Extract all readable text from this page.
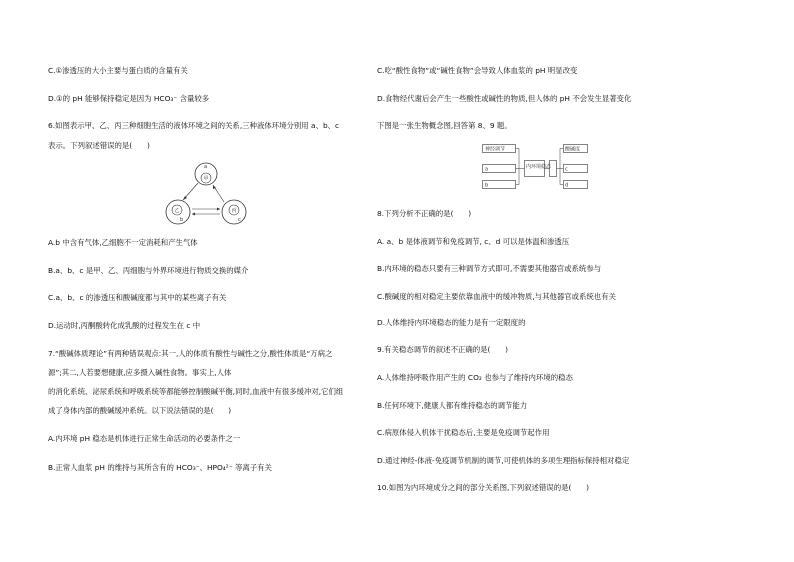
C.①渗透压的大小主要与蛋白质的含量有关
D.①的 pH 能够保持稳定是因为 HCO₃⁻ 含量较多
6.如图表示甲、乙、丙三种细胞生活的液体环境之间的关系,三种液体环境分别用 a、b、c
表示。下列叙述错误的是(　　)
a
甲
乙
b
丙
c
A.b 中含有气体,乙细胞不一定消耗和产生气体
B.a、b、c 是甲、乙、丙细胞与外界环境进行物质交换的媒介
C.a、b、c 的渗透压和酸碱度都与其中的某些离子有关
D.运动时,丙酮酸转化成乳酸的过程发生在 c 中
7.“酸碱体质理论”有两种错误观点:其一,人的体质有酸性与碱性之分,酸性体质是“万病之
源”;其二,人若要想健康,应多摄入碱性食物。事实上,人体
的消化系统、泌尿系统和呼吸系统等都能够控制酸碱平衡,同时,血液中有很多缓冲对,它们组
成了身体内部的酸碱缓冲系统。以下说法错误的是(　　)
A.内环境 pH 稳态是机体进行正常生命活动的必要条件之一
B.正常人血浆 pH 的维持与其所含有的 HCO₃⁻、HPO₄²⁻ 等离子有关
C.吃“酸性食物”或“碱性食物”会导致人体血浆的 pH 明显改变
D.食物经代谢后会产生一些酸性或碱性的物质,但人体的 pH 不会发生显著变化
下图是一张生物概念图,回答第 8、9 题。
神经调节
a
b
内环境稳态
酸碱度
c
d
8.下列分析不正确的是(　　)
A. a、b 是体液调节和免疫调节, c、d 可以是体温和渗透压
B.内环境的稳态只要有三种调节方式即可,不需要其他器官或系统参与
C.酸碱度的相对稳定主要依靠血液中的缓冲物质,与其他器官或系统也有关
D.人体维持内环境稳态的能力是有一定限度的
9.有关稳态调节的叙述不正确的是(　　)
A.人体维持呼吸作用产生的 CO₂ 也参与了维持内环境的稳态
B.任何环境下,健康人都有维持稳态的调节能力
C.病原体侵入机体干扰稳态后,主要是免疫调节起作用
D.通过神经-体液-免疫调节机制的调节,可使机体的多项生理指标保持相对稳定
10.如图为内环境成分之间的部分关系图,下列叙述错误的是(　　)
